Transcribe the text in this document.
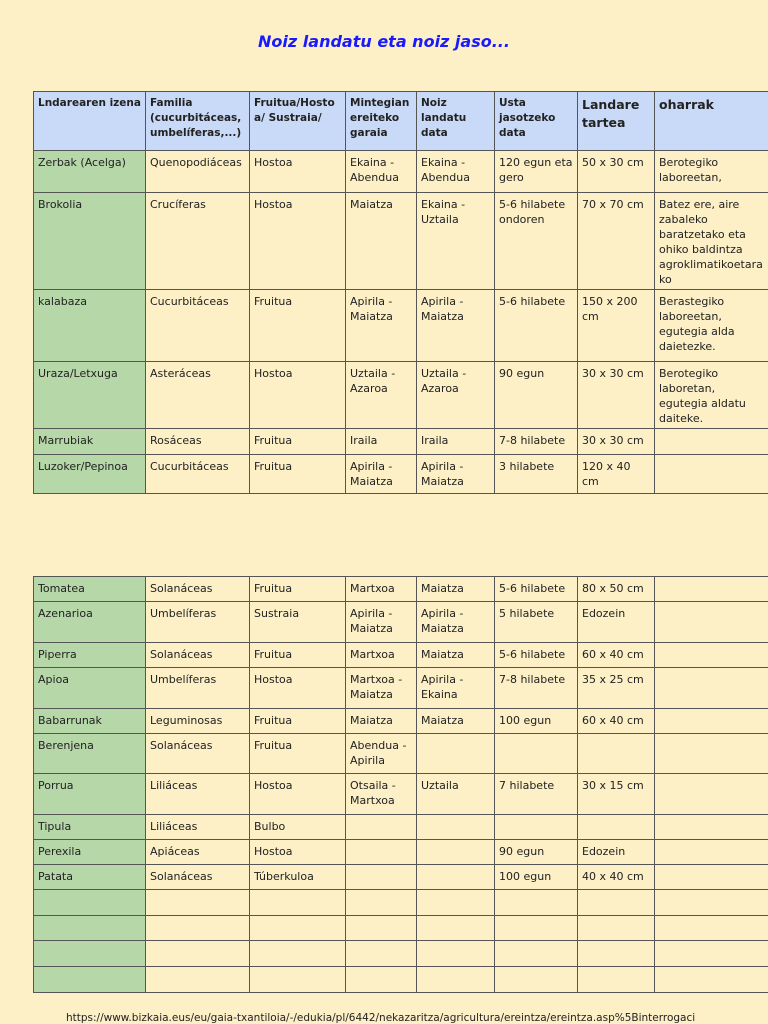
Noiz landatu eta noiz jaso...
Lndarearen izena	Familia (cucurbitáceas, umbelíferas,...)	Fruitua/Hostoa/ Sustraia/	Mintegian ereiteko garaia	Noiz landatu data	Usta jasotzeko data	Landare tartea	oharrak
Zerbak (Acelga)	Quenopodiáceas	Hostoa	Ekaina - Abendua	Ekaina - Abendua	120 egun eta gero	50 x 30 cm	Berotegiko laboreetan,
Brokolia	Crucíferas	Hostoa	Maiatza	Ekaina - Uztaila	5-6 hilabete ondoren	70 x 70 cm	Batez ere, aire zabaleko baratzetako eta ohiko baldintza agroklimatikoetarako
kalabaza	Cucurbitáceas	Fruitua	Apirila - Maiatza	Apirila - Maiatza	5-6 hilabete	150 x 200 cm	Berastegiko laboreetan, egutegia alda daietezke.
Uraza/Letxuga	Asteráceas	Hostoa	Uztaila - Azaroa	Uztaila - Azaroa	90 egun	30 x 30 cm	Berotegiko laboretan, egutegia aldatu daiteke.
Marrubiak	Rosáceas	Fruitua	Iraila	Iraila	7-8 hilabete	30 x 30 cm	
Luzoker/Pepinoa	Cucurbitáceas	Fruitua	Apirila - Maiatza	Apirila - Maiatza	3 hilabete	120 x 40 cm	
Tomatea	Solanáceas	Fruitua	Martxoa	Maiatza	5-6 hilabete	80 x 50 cm	
Azenarioa	Umbelíferas	Sustraia	Apirila - Maiatza	Apirila - Maiatza	5 hilabete	Edozein	
Piperra	Solanáceas	Fruitua	Martxoa	Maiatza	5-6 hilabete	60 x 40 cm	
Apioa	Umbelíferas	Hostoa	Martxoa - Maiatza	Apirila - Ekaina	7-8 hilabete	35 x 25 cm	
Babarrunak	Leguminosas	Fruitua	Maiatza	Maiatza	100 egun	60 x 40 cm	
Berenjena	Solanáceas	Fruitua	Abendua - Apirila				
Porrua	Liliáceas	Hostoa	Otsaila - Martxoa	Uztaila	7 hilabete	30 x 15 cm	
Tipula	Liliáceas	Bulbo					
Perexila	Apiáceas	Hostoa			90 egun	Edozein	
Patata	Solanáceas	Túberkuloa			100 egun	40 x 40 cm	

https://www.bizkaia.eus/eu/gaia-txantiloia/-/edukia/pl/6442/nekazaritza/agricultura/ereintza/ereintza.asp%5Binterrogaci
